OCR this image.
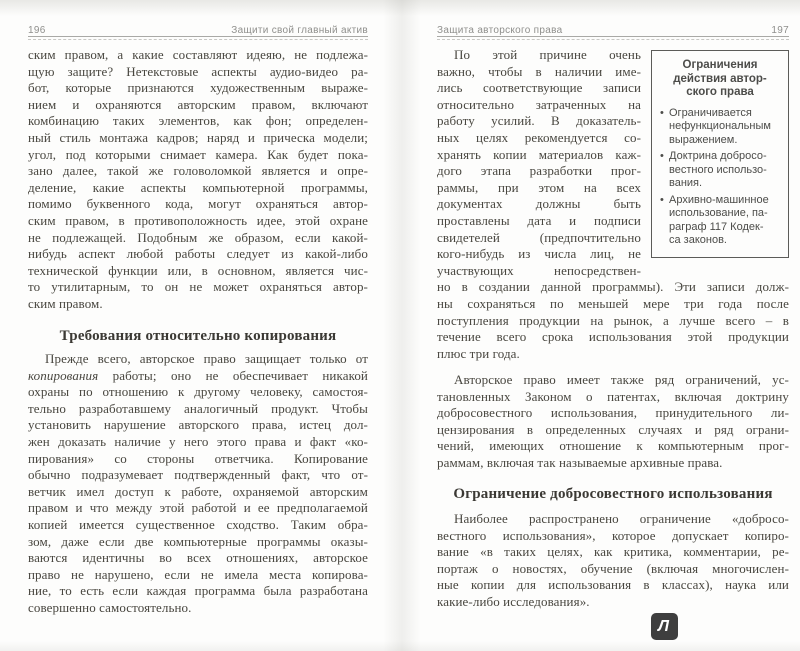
196	Защити свой главный актив
ским правом, а какие составляют идеяю, не подлежа-
щую защите? Нетекстовые аспекты аудио-видео ра-
бот, которые признаются художественным выраже-
нием и охраняются авторским правом, включают
комбинацию таких элементов, как фон; определен-
ный стиль монтажа кадров; наряд и прическа модели;
угол, под которыми снимает камера. Как будет пока-
зано далее, такой же головоломкой является и опре-
деление, какие аспекты компьютерной программы,
помимо буквенного кода, могут охраняться автор-
ским правом, в противоположность идее, этой охране
не подлежащей. Подобным же образом, если какой-
нибудь аспект любой работы следует из какой-либо
технической функции или, в основном, является чис-
то утилитарным, то он не может охраняться автор-
ским правом.
Требования относительно копирования
Прежде всего, авторское право защищает только от
копирования работы; оно не обеспечивает никакой
охраны по отношению к другому человеку, самостоя-
тельно разработавшему аналогичный продукт. Чтобы
установить нарушение авторского права, истец дол-
жен доказать наличие у него этого права и факт «ко-
пирования» со стороны ответчика. Копирование
обычно подразумевает подтвержденный факт, что от-
ветчик имел доступ к работе, охраняемой авторским
правом и что между этой работой и ее предполагаемой
копией имеется существенное сходство. Таким обра-
зом, даже если две компьютерные программы оказы-
ваются идентичны во всех отношениях, авторское
право не нарушено, если не имела места копирова-
ние, то есть если каждая программа была разработана
совершенно самостоятельно.
Защита авторского права	197
Ограничения
действия автор-
ского права
• Ограничивается
нефункциональным
выражением.
• Доктрина добросо-
вестного использо-
вания.
• Архивно-машинное
использование, па-
раграф 117 Кодек-
са законов.
По этой причине очень
важно, чтобы в наличии име-
лись соответствующие записи
относительно затраченных на
работу усилий. В доказатель-
ных целях рекомендуется со-
хранять копии материалов каж-
дого этапа разработки прог-
раммы, при этом на всех
документах должны быть
проставлены дата и подписи
свидетелей (предпочтительно
кого-нибудь из числа лиц, не
участвующих непосредствен-
но в создании данной программы). Эти записи долж-
ны сохраняться по меньшей мере три года после
поступления продукции на рынок, а лучше всего – в
течение всего срока использования этой продукции
плюс три года.
Авторское право имеет также ряд ограничений, ус-
тановленных Законом о патентах, включая доктрину
добросовестного использования, принудительного ли-
цензирования в определенных случаях и ряд ограни-
чений, имеющих отношение к компьютерным прог-
раммам, включая так называемые архивные права.
Ограничение добросовестного использования
Наиболее распространено ограничение «добросо-
вестного использования», которое допускает копиро-
вание «в таких целях, как критика, комментарии, ре-
портаж о новостях, обучение (включая многочислен-
ные копии для использования в классах), наука или
какие-либо исследования».
Л
